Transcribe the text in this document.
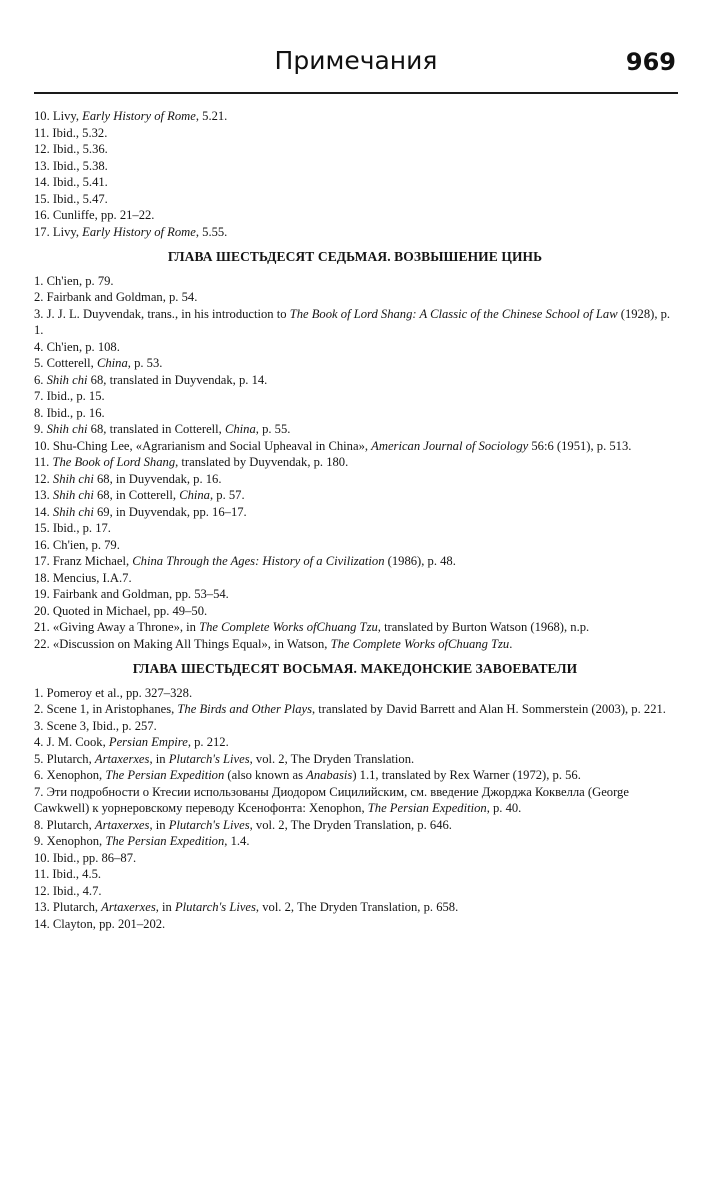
Примечания	969

10. Livy, Early History of Rome, 5.21.

11. Ibid., 5.32.

12. Ibid., 5.36.

13. Ibid., 5.38.

14. Ibid., 5.41.

15. Ibid., 5.47.

16. Cunliffe, pp. 21–22.

17. Livy, Early History of Rome, 5.55.

ГЛАВА ШЕСТЬДЕСЯТ СЕДЬМАЯ. ВОЗВЫШЕНИЕ ЦИНЬ

1. Ch'ien, p. 79.

2. Fairbank and Goldman, p. 54.

3. J. J. L. Duyvendak, trans., in his introduction to The Book of Lord Shang: A Classic of the Chinese School of Law (1928), p. 1.

4. Ch'ien, p. 108.

5. Cotterell, China, p. 53.

6. Shih chi 68, translated in Duyvendak, p. 14.

7. Ibid., p. 15.

8. Ibid., p. 16.

9. Shih chi 68, translated in Cotterell, China, p. 55.

10. Shu-Ching Lee, «Agrarianism and Social Upheaval in China», American Journal of Sociology 56:6 (1951), p. 513.

11. The Book of Lord Shang, translated by Duyvendak, p. 180.

12. Shih chi 68, in Duyvendak, p. 16.

13. Shih chi 68, in Cotterell, China, p. 57.

14. Shih chi 69, in Duyvendak, pp. 16–17.

15. Ibid., p. 17.

16. Ch'ien, p. 79.

17. Franz Michael, China Through the Ages: History of a Civilization (1986), p. 48.

18. Mencius, I.A.7.

19. Fairbank and Goldman, pp. 53–54.

20. Quoted in Michael, pp. 49–50.

21. «Giving Away a Throne», in The Complete Works ofChuang Tzu, translated by Burton Watson (1968), n.p.

22. «Discussion on Making All Things Equal», in Watson, The Complete Works ofChuang Tzu.

ГЛАВА ШЕСТЬДЕСЯТ ВОСЬМАЯ. МАКЕДОНСКИЕ ЗАВОЕВАТЕЛИ

1. Pomeroy et al., pp. 327–328.

2. Scene 1, in Aristophanes, The Birds and Other Plays, translated by David Barrett and Alan H. Sommerstein (2003), p. 221.

3. Scene 3, Ibid., p. 257.

4. J. M. Cook, Persian Empire, p. 212.

5. Plutarch, Artaxerxes, in Plutarch's Lives, vol. 2, The Dryden Translation.

6. Xenophon, The Persian Expedition (also known as Anabasis) 1.1, translated by Rex Warner (1972), p. 56.

7. Эти подробности о Ктесии использованы Диодором Сицилийским, см. введение Джорджа Коквелла (George Cawkwell) к уорнеровскому переводу Ксенофонта: Xenophon, The Persian Expedition, p. 40.

8. Plutarch, Artaxerxes, in Plutarch's Lives, vol. 2, The Dryden Translation, p. 646.

9. Xenophon, The Persian Expedition, 1.4.

10. Ibid., pp. 86–87.

11. Ibid., 4.5.

12. Ibid., 4.7.

13. Plutarch, Artaxerxes, in Plutarch's Lives, vol. 2, The Dryden Translation, p. 658.

14. Clayton, pp. 201–202.
